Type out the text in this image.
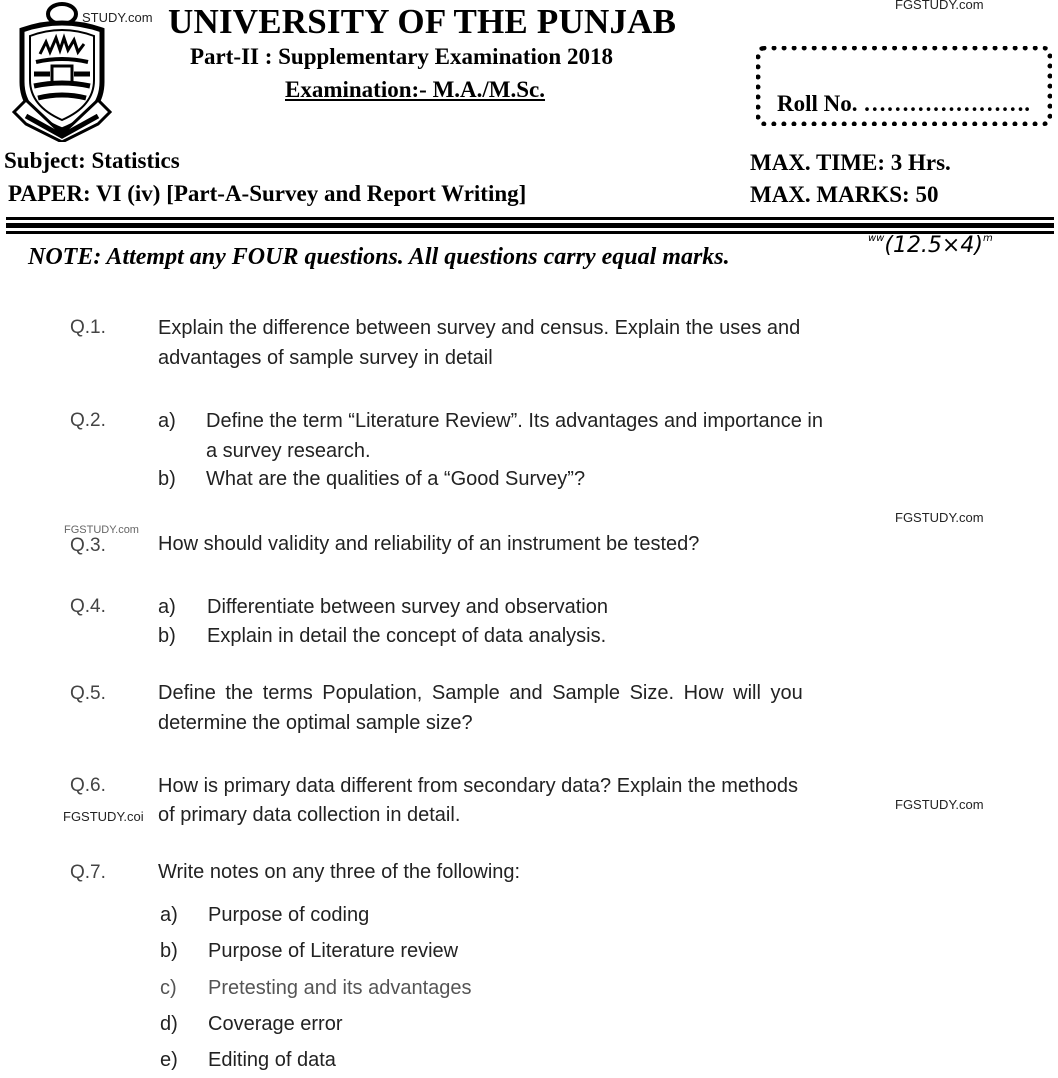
STUDY.com UNIVERSITY OF THE PUNJAB
Part-II : Supplementary Examination 2018
Examination:- M.A./M.Sc.
FGSTUDY.com
Roll No. ………………….
Subject: Statistics
PAPER: VI (iv) [Part-A-Survey and Report Writing]
MAX. TIME: 3 Hrs.
MAX. MARKS: 50
NOTE: Attempt any FOUR questions. All questions carry equal marks.
$^{ww}(12.5\times 4)^m$
Q.1.	Explain the difference between survey and census. Explain the uses and
advantages of sample survey in detail
Q.2.	a)	Define the term “Literature Review”. Its advantages and importance in
a survey research.
b)	What are the qualities of a “Good Survey”?
FGSTUDY.com
Q.3.
FGSTUDY.com
How should validity and reliability of an instrument be tested?
Q.4.	a)	Differentiate between survey and observation
b)	Explain in detail the concept of data analysis.
Q.5.	Define the terms Population, Sample and Sample Size. How will you
determine the optimal sample size?
Q.6.	How is primary data different from secondary data? Explain the methods
FGSTUDY.coi of primary data collection in detail.	FGSTUDY.com
Q.7.	Write notes on any three of the following:
a)	Purpose of coding
b)	Purpose of Literature review
c)	Pretesting and its advantages
d)	Coverage error
e)	Editing of data
